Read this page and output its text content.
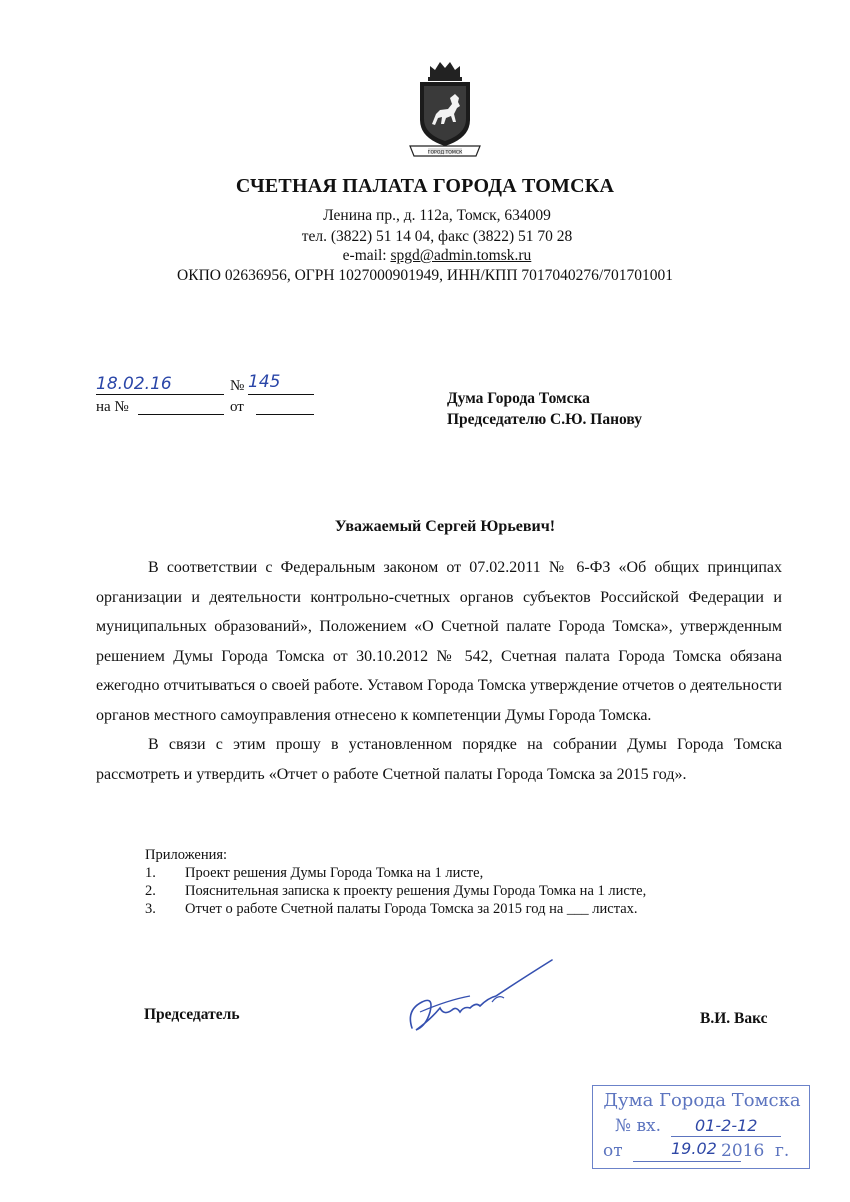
ГОРОД ТОМСК
СЧЕТНАЯ ПАЛАТА ГОРОДА ТОМСКА
Ленина пр., д. 112а, Томск, 634009
тел. (3822) 51 14 04, факс (3822) 51 70 28
e-mail: spgd@admin.tomsk.ru
ОКПО 02636956, ОГРН 1027000901949, ИНН/КПП 7017040276/701701001
18.02.16	№ 145
на №	от	Дума Города Томска
Председателю С.Ю. Панову
Уважаемый Сергей Юрьевич!

В соответствии с Федеральным законом от 07.02.2011 № 6-ФЗ «Об общих принципах организации и деятельности контрольно-счетных органов субъектов Российской Федерации и муниципальных образований», Положением «О Счетной палате Города Томска», утвержденным решением Думы Города Томска от 30.10.2012 № 542, Счетная палата Города Томска обязана ежегодно отчитываться о своей работе. Уставом Города Томска утверждение отчетов о деятельности органов местного самоуправления отнесено к компетенции Думы Города Томска.

В связи с этим прошу в установленном порядке на собрании Думы Города Томска рассмотреть и утвердить «Отчет о работе Счетной палаты Города Томска за 2015 год».

Приложения:
1. Проект решения Думы Города Томка на 1 листе,
2. Пояснительная записка к проекту решения Думы Города Томка на 1 листе,
3. Отчет о работе Счетной палаты Города Томска за 2015 год на ___ листах.
Председатель	В.И. Вакс
Дума Города Томска
№ вх. 01-2-12
от	19.02 2016 г.
